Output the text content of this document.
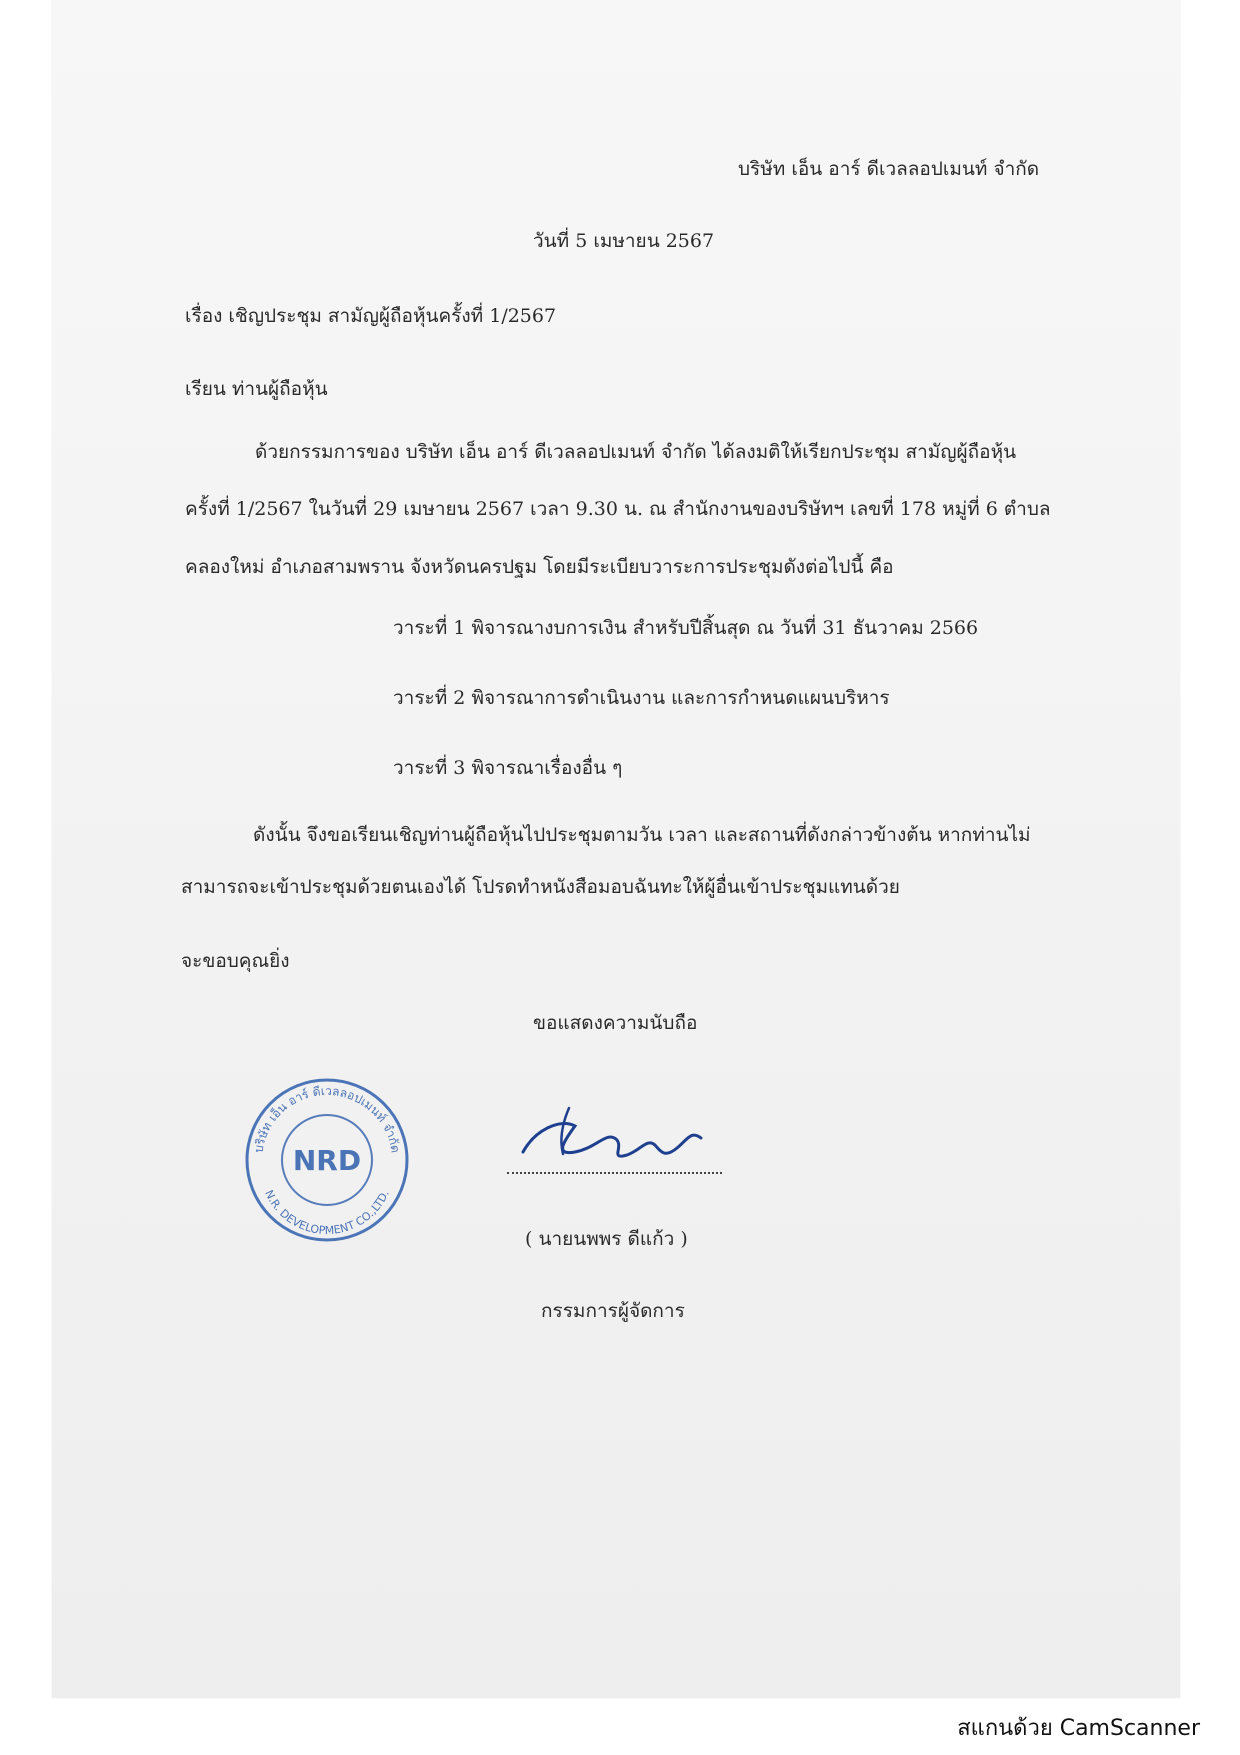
บริษัท เอ็น อาร์ ดีเวลลอปเมนท์ จำกัด
วันที่ 5 เมษายน 2567
เรื่อง เชิญประชุม สามัญผู้ถือหุ้นครั้งที่ 1/2567
เรียน ท่านผู้ถือหุ้น
ด้วยกรรมการของ บริษัท เอ็น อาร์ ดีเวลลอปเมนท์ จำกัด ได้ลงมติให้เรียกประชุม สามัญผู้ถือหุ้น
ครั้งที่ 1/2567 ในวันที่ 29 เมษายน 2567 เวลา 9.30 น. ณ สำนักงานของบริษัทฯ เลขที่ 178 หมู่ที่ 6 ตำบล
คลองใหม่ อำเภอสามพราน จังหวัดนครปฐม โดยมีระเบียบวาระการประชุมดังต่อไปนี้ คือ
วาระที่ 1 พิจารณางบการเงิน สำหรับปีสิ้นสุด ณ วันที่ 31 ธันวาคม 2566
วาระที่ 2 พิจารณาการดำเนินงาน และการกำหนดแผนบริหาร
วาระที่ 3 พิจารณาเรื่องอื่น ๆ
ดังนั้น จึงขอเรียนเชิญท่านผู้ถือหุ้นไปประชุมตามวัน เวลา และสถานที่ดังกล่าวข้างต้น หากท่านไม่
สามารถจะเข้าประชุมด้วยตนเองได้ โปรดทำหนังสือมอบฉันทะให้ผู้อื่นเข้าประชุมแทนด้วย
จะขอบคุณยิ่ง
ขอแสดงความนับถือ
บริษัท เอ็น อาร์ ดีเวลลอปเมนท์ จำกัด
NRD
N.R. DEVELOPMENT CO.,LTD.
( นายนพพร ดีแก้ว )
กรรมการผู้จัดการ
สแกนด้วย CamScanner
